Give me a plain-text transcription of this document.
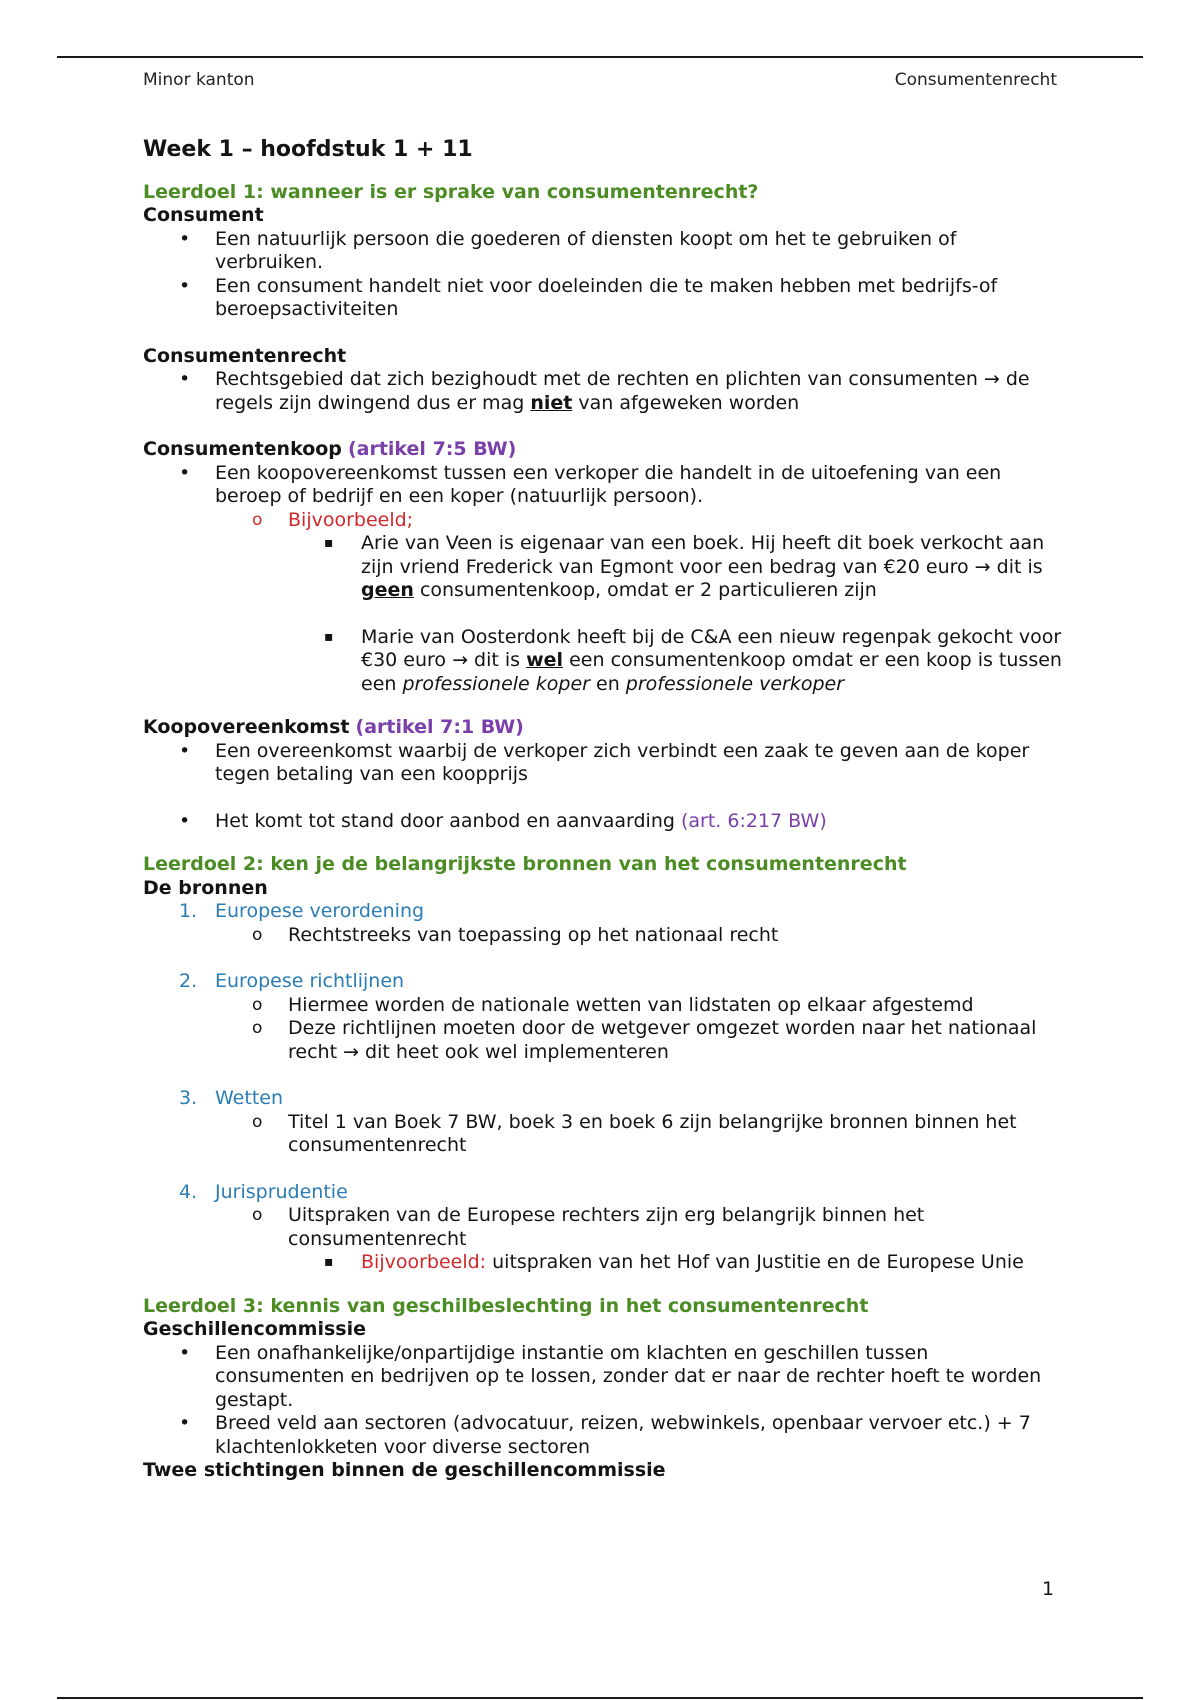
Minor kanton	Consumentenrecht
Week 1 – hoofdstuk 1 + 11
Leerdoel 1: wanneer is er sprake van consumentenrecht?
Consument
• Een natuurlijk persoon die goederen of diensten koopt om het te gebruiken of verbruiken.
• Een consument handelt niet voor doeleinden die te maken hebben met bedrijfs-of beroepsactiviteiten
Consumentenrecht
• Rechtsgebied dat zich bezighoudt met de rechten en plichten van consumenten → de regels zijn dwingend dus er mag niet van afgeweken worden
Consumentenkoop (artikel 7:5 BW)
• Een koopovereenkomst tussen een verkoper die handelt in de uitoefening van een beroep of bedrijf en een koper (natuurlijk persoon).
o Bijvoorbeeld;
▪ Arie van Veen is eigenaar van een boek. Hij heeft dit boek verkocht aan zijn vriend Frederick van Egmont voor een bedrag van €20 euro → dit is geen consumentenkoop, omdat er 2 particulieren zijn
▪ Marie van Oosterdonk heeft bij de C&A een nieuw regenpak gekocht voor €30 euro → dit is wel een consumentenkoop omdat er een koop is tussen een professionele koper en professionele verkoper
Koopovereenkomst (artikel 7:1 BW)
• Een overeenkomst waarbij de verkoper zich verbindt een zaak te geven aan de koper tegen betaling van een koopprijs
• Het komt tot stand door aanbod en aanvaarding (art. 6:217 BW)
Leerdoel 2: ken je de belangrijkste bronnen van het consumentenrecht
De bronnen
1. Europese verordening
o Rechtstreeks van toepassing op het nationaal recht
2. Europese richtlijnen
o Hiermee worden de nationale wetten van lidstaten op elkaar afgestemd
o Deze richtlijnen moeten door de wetgever omgezet worden naar het nationaal recht → dit heet ook wel implementeren
3. Wetten
o Titel 1 van Boek 7 BW, boek 3 en boek 6 zijn belangrijke bronnen binnen het consumentenrecht
4. Jurisprudentie
o Uitspraken van de Europese rechters zijn erg belangrijk binnen het consumentenrecht
▪ Bijvoorbeeld: uitspraken van het Hof van Justitie en de Europese Unie
Leerdoel 3: kennis van geschilbeslechting in het consumentenrecht
Geschillencommissie
• Een onafhankelijke/onpartijdige instantie om klachten en geschillen tussen consumenten en bedrijven op te lossen, zonder dat er naar de rechter hoeft te worden gestapt.
• Breed veld aan sectoren (advocatuur, reizen, webwinkels, openbaar vervoer etc.) + 7 klachtenlokketen voor diverse sectoren
Twee stichtingen binnen de geschillencommissie
1
